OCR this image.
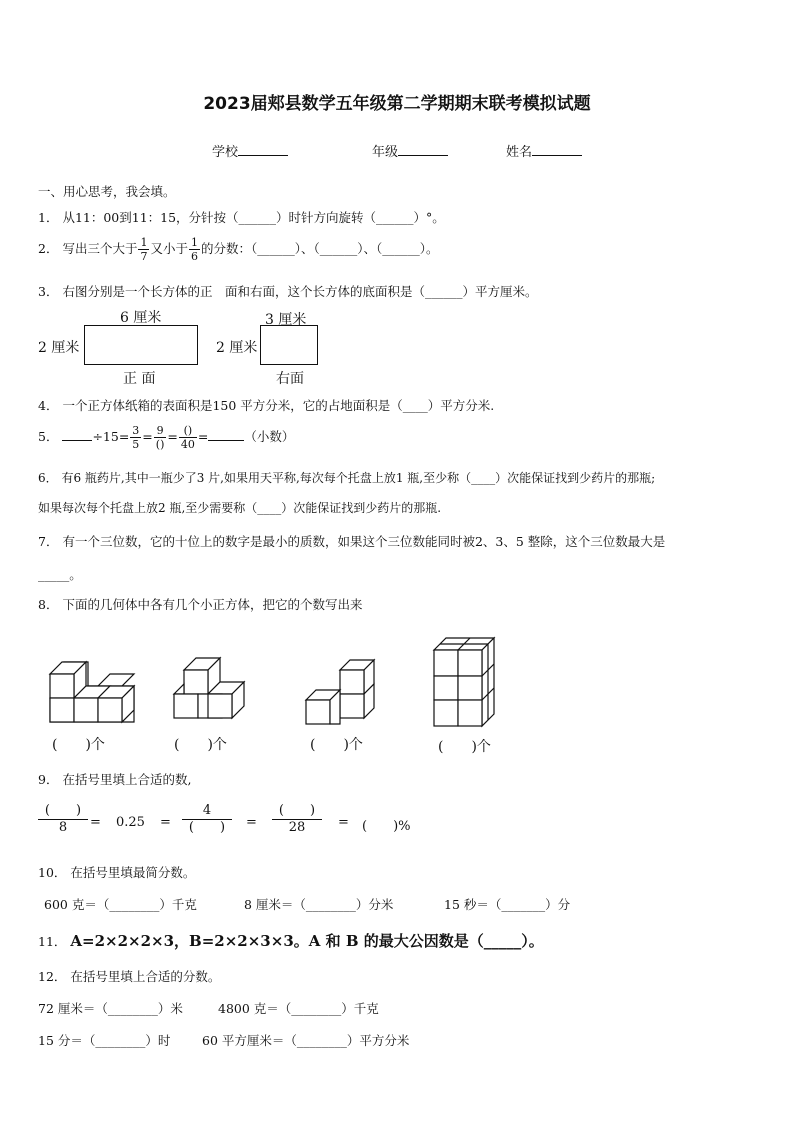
2023届郏县数学五年级第二学期期末联考模拟试题
学校	年级	姓名
一、用心思考，我会填。
1． 从11：00到11：15，分针按（______）时针方向旋转（______）°。
2． 写出三个大于 $\frac{1}{7}$ 又小于 $\frac{1}{6}$ 的分数：（______）、（______）、（______）。
3． 右图分别是一个长方体的正　面和右面，这个长方体的底面积是（______）平方厘米。
6 厘米
2 厘米
正 面
3 厘米
2 厘米
右面
4． 一个正方体纸箱的表面积是150 平方分米，它的占地面积是（____）平方分米.
5．	$\div 15= \frac{3}{5} = \frac{9}{()} = \frac{()}{40}$ =	（小数）
6． 有6 瓶药片,其中一瓶少了3 片,如果用天平称,每次每个托盘上放1 瓶,至少称（____）次能保证找到少药片的那瓶;
如果每次每个托盘上放2 瓶,至少需要称（____）次能保证找到少药片的那瓶.
7． 有一个三位数，它的十位上的数字是最小的质数，如果这个三位数能同时被2、3、5 整除，这个三位数最大是
_____。
8． 下面的几何体中各有几个小正方体，把它的个数写出来
(　　)个	(　　)个	(　　)个	(　　)个
9． 在括号里填上合适的数,
(　　)
8	= 0.25 =
4
(　　)	=
(　　)
28	= (　　)%
10． 在括号里填最简分数。
600 克＝（________）千克	8 厘米＝（________）分米	15 秒＝（_______）分
11． A=2×2×2×3，B=2×2×3×3。A 和 B 的最大公因数是（_____）。
12． 在括号里填上合适的分数。
72 厘米＝（________）米	4800 克＝（________）千克
15 分＝（________）时	60 平方厘米＝（________）平方分米
